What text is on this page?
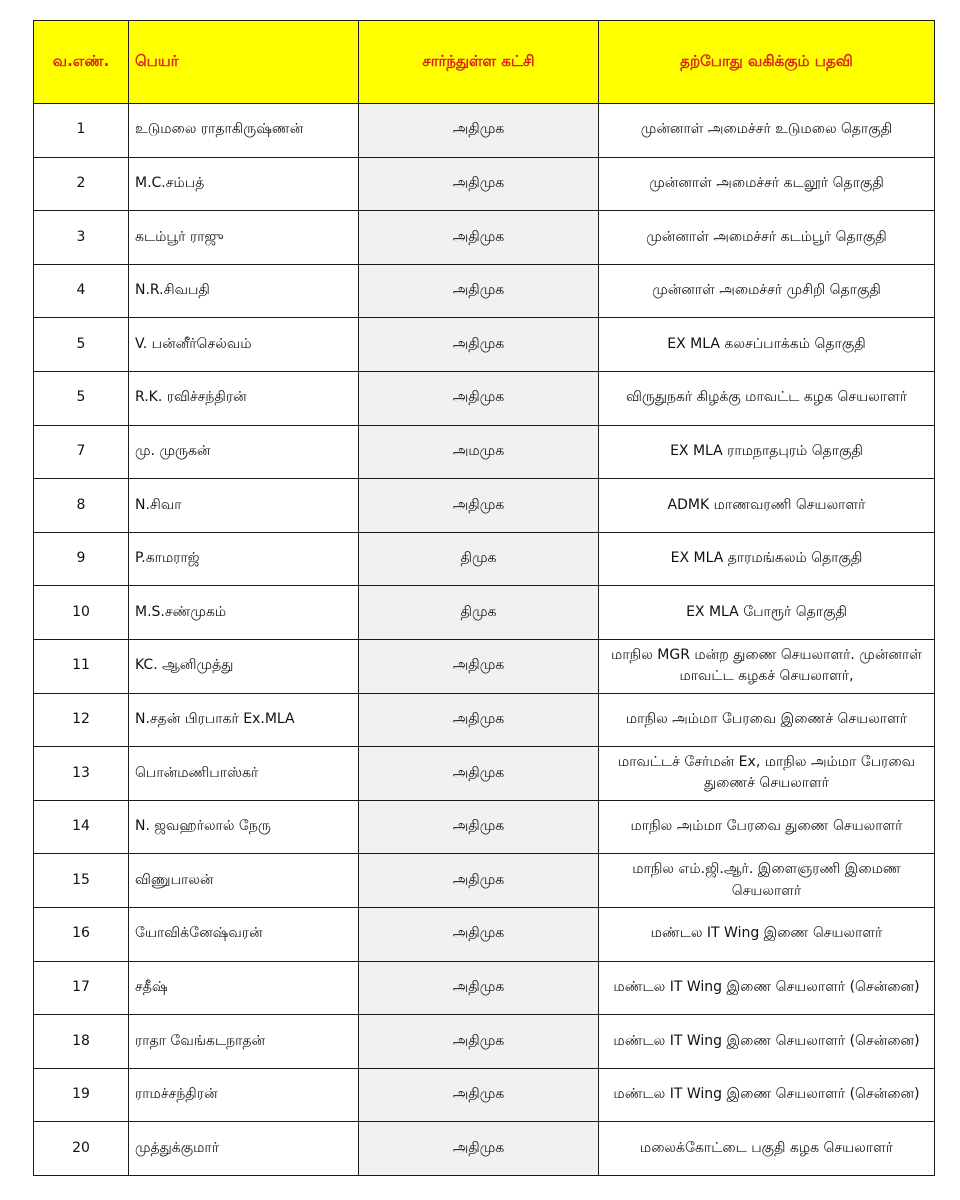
வ.எண்.	பெயர்	சார்ந்துள்ள கட்சி	தற்போது வகிக்கும் பதவி
1	உடுமலை ராதாகிருஷ்ணன்	அதிமுக	முன்னாள் அமைச்சர் உடுமலை தொகுதி
2	M.C.சம்பத்	அதிமுக	முன்னாள் அமைச்சர் கடலூர் தொகுதி
3	கடம்பூர் ராஜு	அதிமுக	முன்னாள் அமைச்சர் கடம்பூர் தொகுதி
4	N.R.சிவபதி	அதிமுக	முன்னாள் அமைச்சர் முசிறி தொகுதி
5	V. பன்னீர்செல்வம்	அதிமுக	EX MLA கலசப்பாக்கம் தொகுதி
5	R.K. ரவிச்சந்திரன்	அதிமுக	விருதுநகர் கிழக்கு மாவட்ட கழக செயலாளர்
7	மு. முருகன்	அமமுக	EX MLA ராமநாதபுரம் தொகுதி
8	N.சிவா	அதிமுக	ADMK மாணவரணி செயலாளர்
9	P.காமராஜ்	திமுக	EX MLA தாரமங்கலம் தொகுதி
10	M.S.சண்முகம்	திமுக	EX MLA போரூர் தொகுதி
11	KC. ஆனிமுத்து	அதிமுக	மாநில MGR மன்ற துணை செயலாளர். முன்னாள் மாவட்ட கழகச் செயலாளர்,
12	N.சதன் பிரபாகர் Ex.MLA	அதிமுக	மாநில அம்மா பேரவை இணைச் செயலாளர்
13	பொன்மணிபாஸ்கர்	அதிமுக	மாவட்டச் சேர்மன் Ex, மாநில அம்மா பேரவை துணைச் செயலாளர்
14	N. ஜவஹர்லால் நேரு	அதிமுக	மாநில அம்மா பேரவை துணை செயலாளர்
15	விணுபாலன்	அதிமுக	மாநில எம்.ஜி.ஆர். இளைஞரணி இமைண செயலாளர்
16	யோவிக்னேஷ்வரன்	அதிமுக	மண்டல IT Wing இணை செயலாளர்
17	சதீஷ்	அதிமுக	மண்டல IT Wing இணை செயலாளர் (சென்னை)
18	ராதா வேங்கடநாதன்	அதிமுக	மண்டல IT Wing இணை செயலாளர் (சென்னை)
19	ராமச்சந்திரன்	அதிமுக	மண்டல IT Wing இணை செயலாளர் (சென்னை)
20	முத்துக்குமார்	அதிமுக	மலைக்கோட்டை பகுதி கழக செயலாளர்
